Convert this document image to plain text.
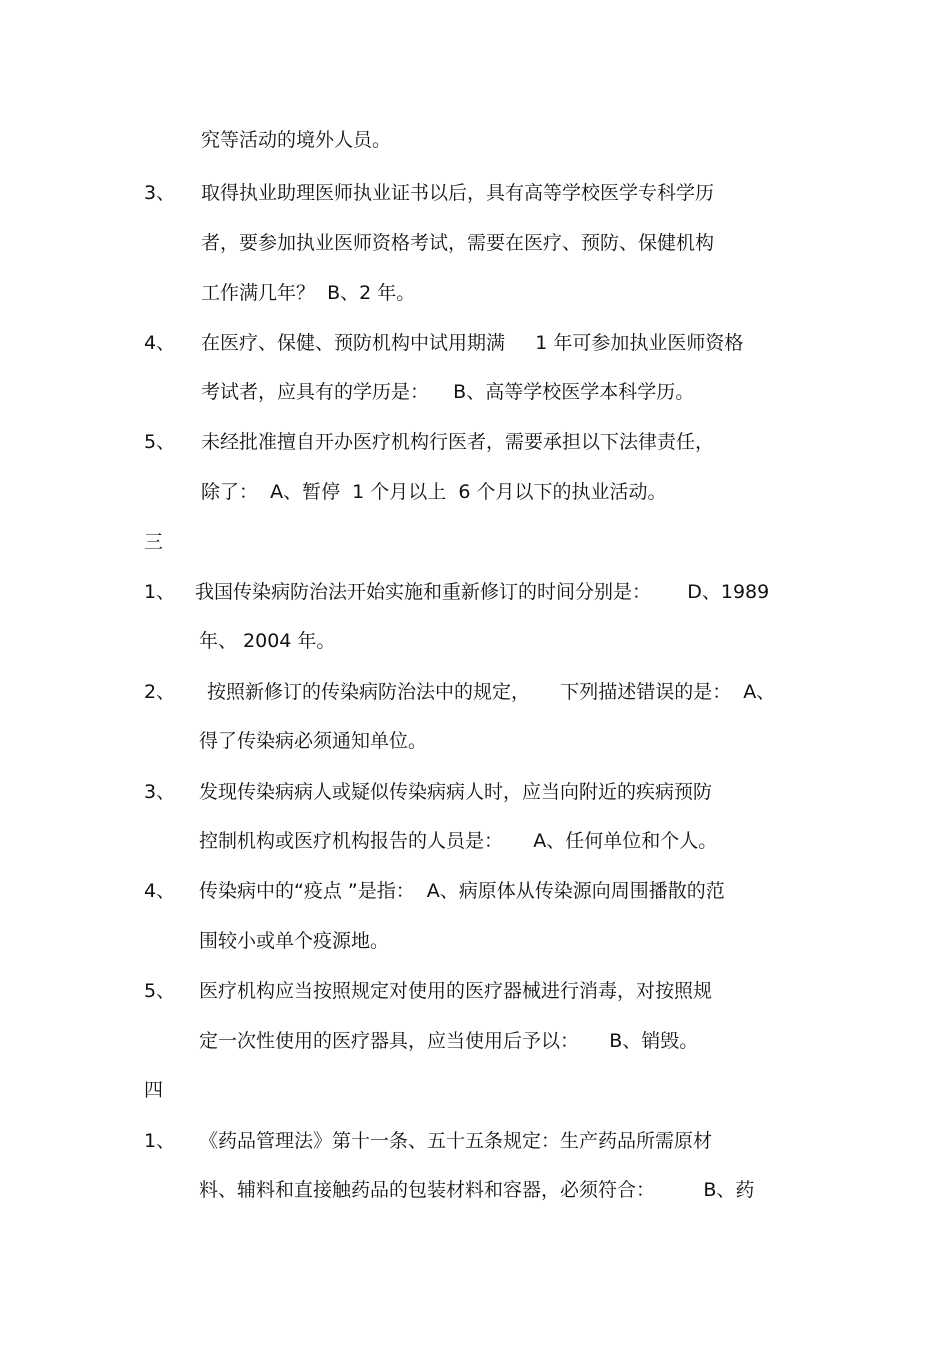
究等活动的境外人员。

3、 取得执业助理医师执业证书以后，具有高等学校医学专科学历

者，要参加执业医师资格考试，需要在医疗、预防、保健机构

工作满几年？  B、2 年。

4、 在医疗、保健、预防机构中试用期满     1 年可参加执业医师资格

考试者，应具有的学历是：    B、高等学校医学本科学历。

5、 未经批准擅自开办医疗机构行医者，需要承担以下法律责任，

除了：  A、暂停  1 个月以上  6 个月以下的执业活动。

三

1、 我国传染病防治法开始实施和重新修订的时间分别是：      D、1989

年、 2004 年。

2、 按照新修订的传染病防治法中的规定，     下列描述错误的是：  A、

得了传染病必须通知单位。

3、 发现传染病病人或疑似传染病病人时，应当向附近的疾病预防

控制机构或医疗机构报告的人员是：     A、任何单位和个人。

4、 传染病中的“疫点 ”是指：  A、病原体从传染源向周围播散的范

围较小或单个疫源地。

5、 医疗机构应当按照规定对使用的医疗器械进行消毒，对按照规

定一次性使用的医疗器具，应当使用后予以：     B、销毁。

四

1、 《药品管理法》第十一条、五十五条规定：生产药品所需原材

料、辅料和直接触药品的包装材料和容器，必须符合：        B、药
